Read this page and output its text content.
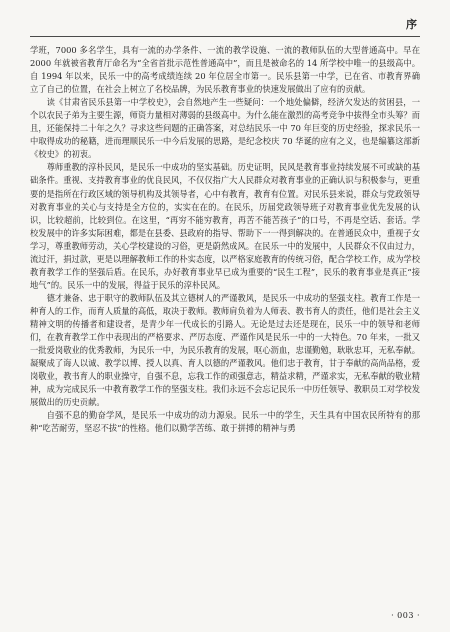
序

学班，7000 多名学生，具有一流的办学条件、一流的教学设施、一流的教师队伍的大型普通高中。早在 2000 年就被省教育厅命名为“全省首批示范性普通高中”，而且是被命名的 14 所学校中唯一的县级高中。自 1994 年以来，民乐一中的高考成绩连续 20 年位居全市第一。民乐县第一中学，已在省、市教育界确立了自己的位置，在社会上树立了名校品牌，为民乐教育事业的快速发展做出了应有的贡献。

读《甘肃省民乐县第一中学校史》，会自然地产生一些疑问：一个地处偏僻，经济欠发达的贫困县，一个以农民子弟为主要生源，师资力量相对薄弱的县级高中。为什么能在激烈的高考竞争中拔得全市头筹？而且，还能保持二十年之久？寻求这些问题的正确答案，对总结民乐一中 70 年巨变的历史经验，探求民乐一中取得成功的秘籍，进而理顺民乐一中今后发展的思路，是纪念校庆 70 华诞的应有之义，也是编纂这部新《校史》的初衷。

尊师重教的淳朴民风，是民乐一中成功的坚实基础。历史证明，民风是教育事业持续发展不可或缺的基础条件。重视、支持教育事业的优良民风，不仅仅指广大人民群众对教育事业的正确认识与积极参与，更重要的是指所在行政区域的领导机构及其领导者，心中有教育，教育有位置。对民乐县来说，群众与党政领导对教育事业的关心与支持是全方位的，实实在在的。在民乐，历届党政领导班子对教育事业优先发展的认识，比较超前，比较到位。在这里，“再穷不能穷教育，再苦不能苦孩子”的口号，不再是空话、套话。学校发展中的许多实际困难，都是在县委、县政府的指导、帮助下一一得到解决的。在普通民众中，重视子女学习，尊重教师劳动，关心学校建设的习俗，更是蔚然成风。在民乐一中的发展中，人民群众不仅由过力，流过汗，捐过款，更是以理解教师工作的朴实态度，以严格家庭教育的传统习俗，配合学校工作，成为学校教育教学工作的坚强后盾。在民乐，办好教育事业早已成为重要的“民生工程”，民乐的教育事业是真正“接地气”的。民乐一中的发展，得益于民乐的淳朴民风。

德才兼备、忠于职守的教师队伍及其立德树人的严谨教风，是民乐一中成功的坚强支柱。教育工作是一种育人的工作，而育人质量的高低，取决于教师。教师肩负着为人师表、教书育人的责任，他们是社会主义精神文明的传播者和建设者，是青少年一代成长的引路人。无论是过去还是现在，民乐一中的领导和老师们，在教育教学工作中表现出的严格要求、严厉态度、严谨作风是民乐一中的一大特色。70 年来，一批又一批爱岗敬业的优秀教师，为民乐一中，为民乐教育的发展，呕心沥血，忠谨勤勉，耿耿忠耳，无私奉献。凝聚成了诲人以诚、教学以博、授人以真、育人以德的严谨教风。他们忠于教育，甘于奉献的高尚品格，爱岗敬业，教书育人的职业操守，自强不息，忘我工作的顽强意志，精益求精，严谨求实，无私奉献的敬业精神，成为完成民乐一中教育教学工作的坚强支柱。我们永远不会忘记民乐一中历任领导、教职员工对学校发展做出的历史贡献。

自强不息的勤奋学风，是民乐一中成功的动力源泉。民乐一中的学生，天生具有中国农民所特有的那种“吃苦耐劳，坚忍不拔”的性格。他们以勤学苦练、敢于拼搏的精神与勇

· 003 ·
